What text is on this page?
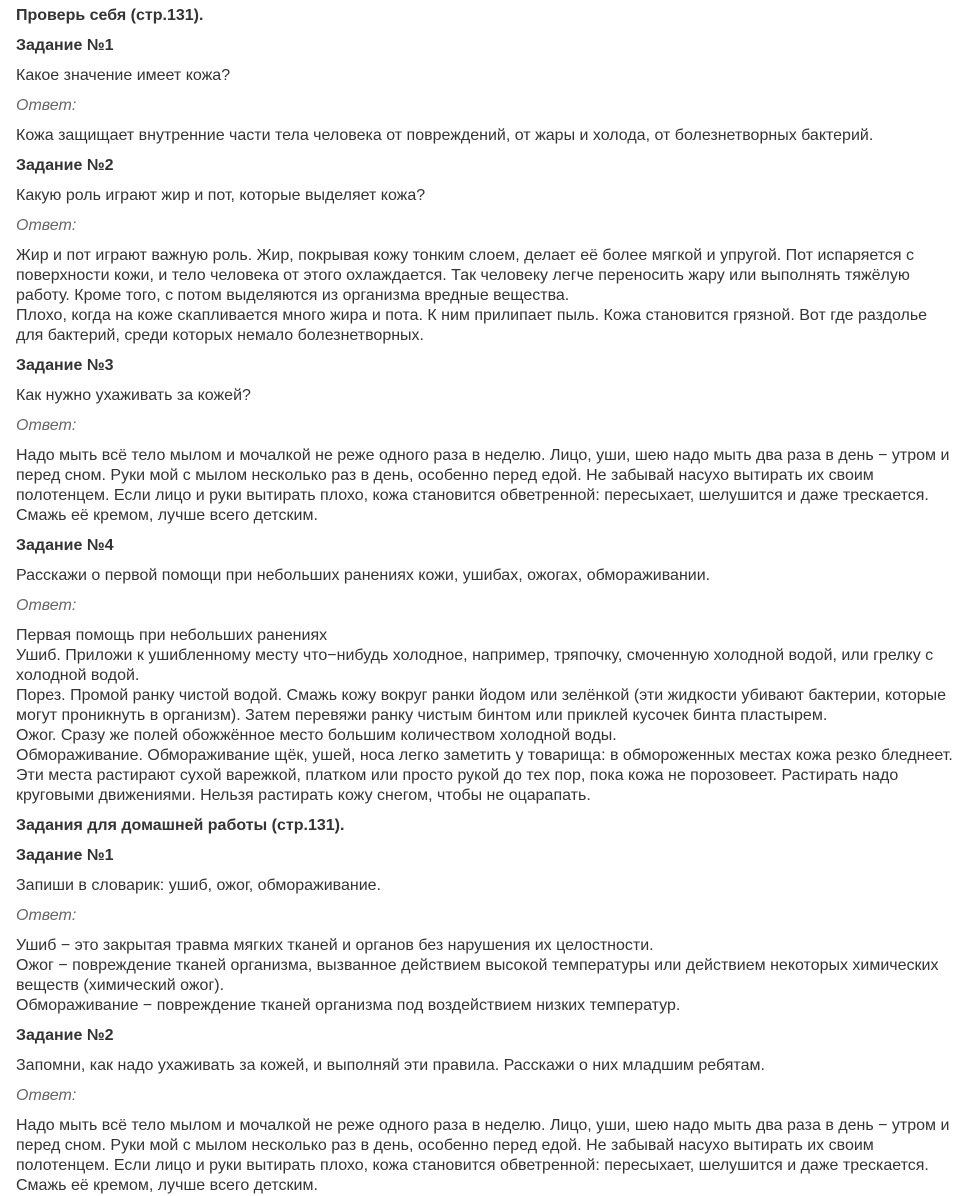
Проверь себя (стр.131).
Задание №1
Какое значение имеет кожа?
Ответ:

Кожа защищает внутренние части тела человека от повреждений, от жары и холода, от болезнетворных бактерий.

Задание №2
Какую роль играют жир и пот, которые выделяет кожа?
Ответ:

Жир и пот играют важную роль. Жир, покрывая кожу тонким слоем, делает её более мягкой и упругой. Пот испаряется с поверхности кожи, и тело человека от этого охлаждается. Так человеку легче переносить жару или выполнять тяжёлую работу. Кроме того, с потом выделяются из организма вредные вещества.

Плохо, когда на коже скапливается много жира и пота. К ним прилипает пыль. Кожа становится грязной. Вот где раздолье для бактерий, среди которых немало болезнетворных.

Задание №3
Как нужно ухаживать за кожей?
Ответ:

Надо мыть всё тело мылом и мочалкой не реже одного раза в неделю. Лицо, уши, шею надо мыть два раза в день − утром и перед сном. Руки мой с мылом несколько раз в день, особенно перед едой. Не забывай насухо вытирать их своим полотенцем. Если лицо и руки вытирать плохо, кожа становится обветренной: пересыхает, шелушится и даже трескается. Смажь её кремом, лучше всего детским.

Задание №4
Расскажи о первой помощи при небольших ранениях кожи, ушибах, ожогах, обмораживании.
Ответ:

Первая помощь при небольших ранениях

Ушиб. Приложи к ушибленному месту что−нибудь холодное, например, тряпочку, смоченную холодной водой, или грелку с холодной водой.

Порез. Промой ранку чистой водой. Смажь кожу вокруг ранки йодом или зелёнкой (эти жидкости убивают бактерии, которые могут проникнуть в организм). Затем перевяжи ранку чистым бинтом или приклей кусочек бинта пластырем.

Ожог. Сразу же полей обожжённое место большим количеством холодной воды.

Обмораживание. Обмораживание щёк, ушей, носа легко заметить у товарища: в обмороженных местах кожа резко бледнеет. Эти места растирают сухой варежкой, платком или просто рукой до тех пор, пока кожа не порозовеет. Растирать надо круговыми движениями. Нельзя растирать кожу снегом, чтобы не оцарапать.

Задания для домашней работы (стр.131).
Задание №1
Запиши в словарик: ушиб, ожог, обмораживание.
Ответ:

Ушиб − это закрытая травма мягких тканей и органов без нарушения их целостности.

Ожог − повреждение тканей организма, вызванное действием высокой температуры или действием некоторых химических веществ (химический ожог).

Обмораживание − повреждение тканей организма под воздействием низких температур.

Задание №2
Запомни, как надо ухаживать за кожей, и выполняй эти правила. Расскажи о них младшим ребятам.
Ответ:

Надо мыть всё тело мылом и мочалкой не реже одного раза в неделю. Лицо, уши, шею надо мыть два раза в день − утром и перед сном. Руки мой с мылом несколько раз в день, особенно перед едой. Не забывай насухо вытирать их своим полотенцем. Если лицо и руки вытирать плохо, кожа становится обветренной: пересыхает, шелушится и даже трескается. Смажь её кремом, лучше всего детским.
